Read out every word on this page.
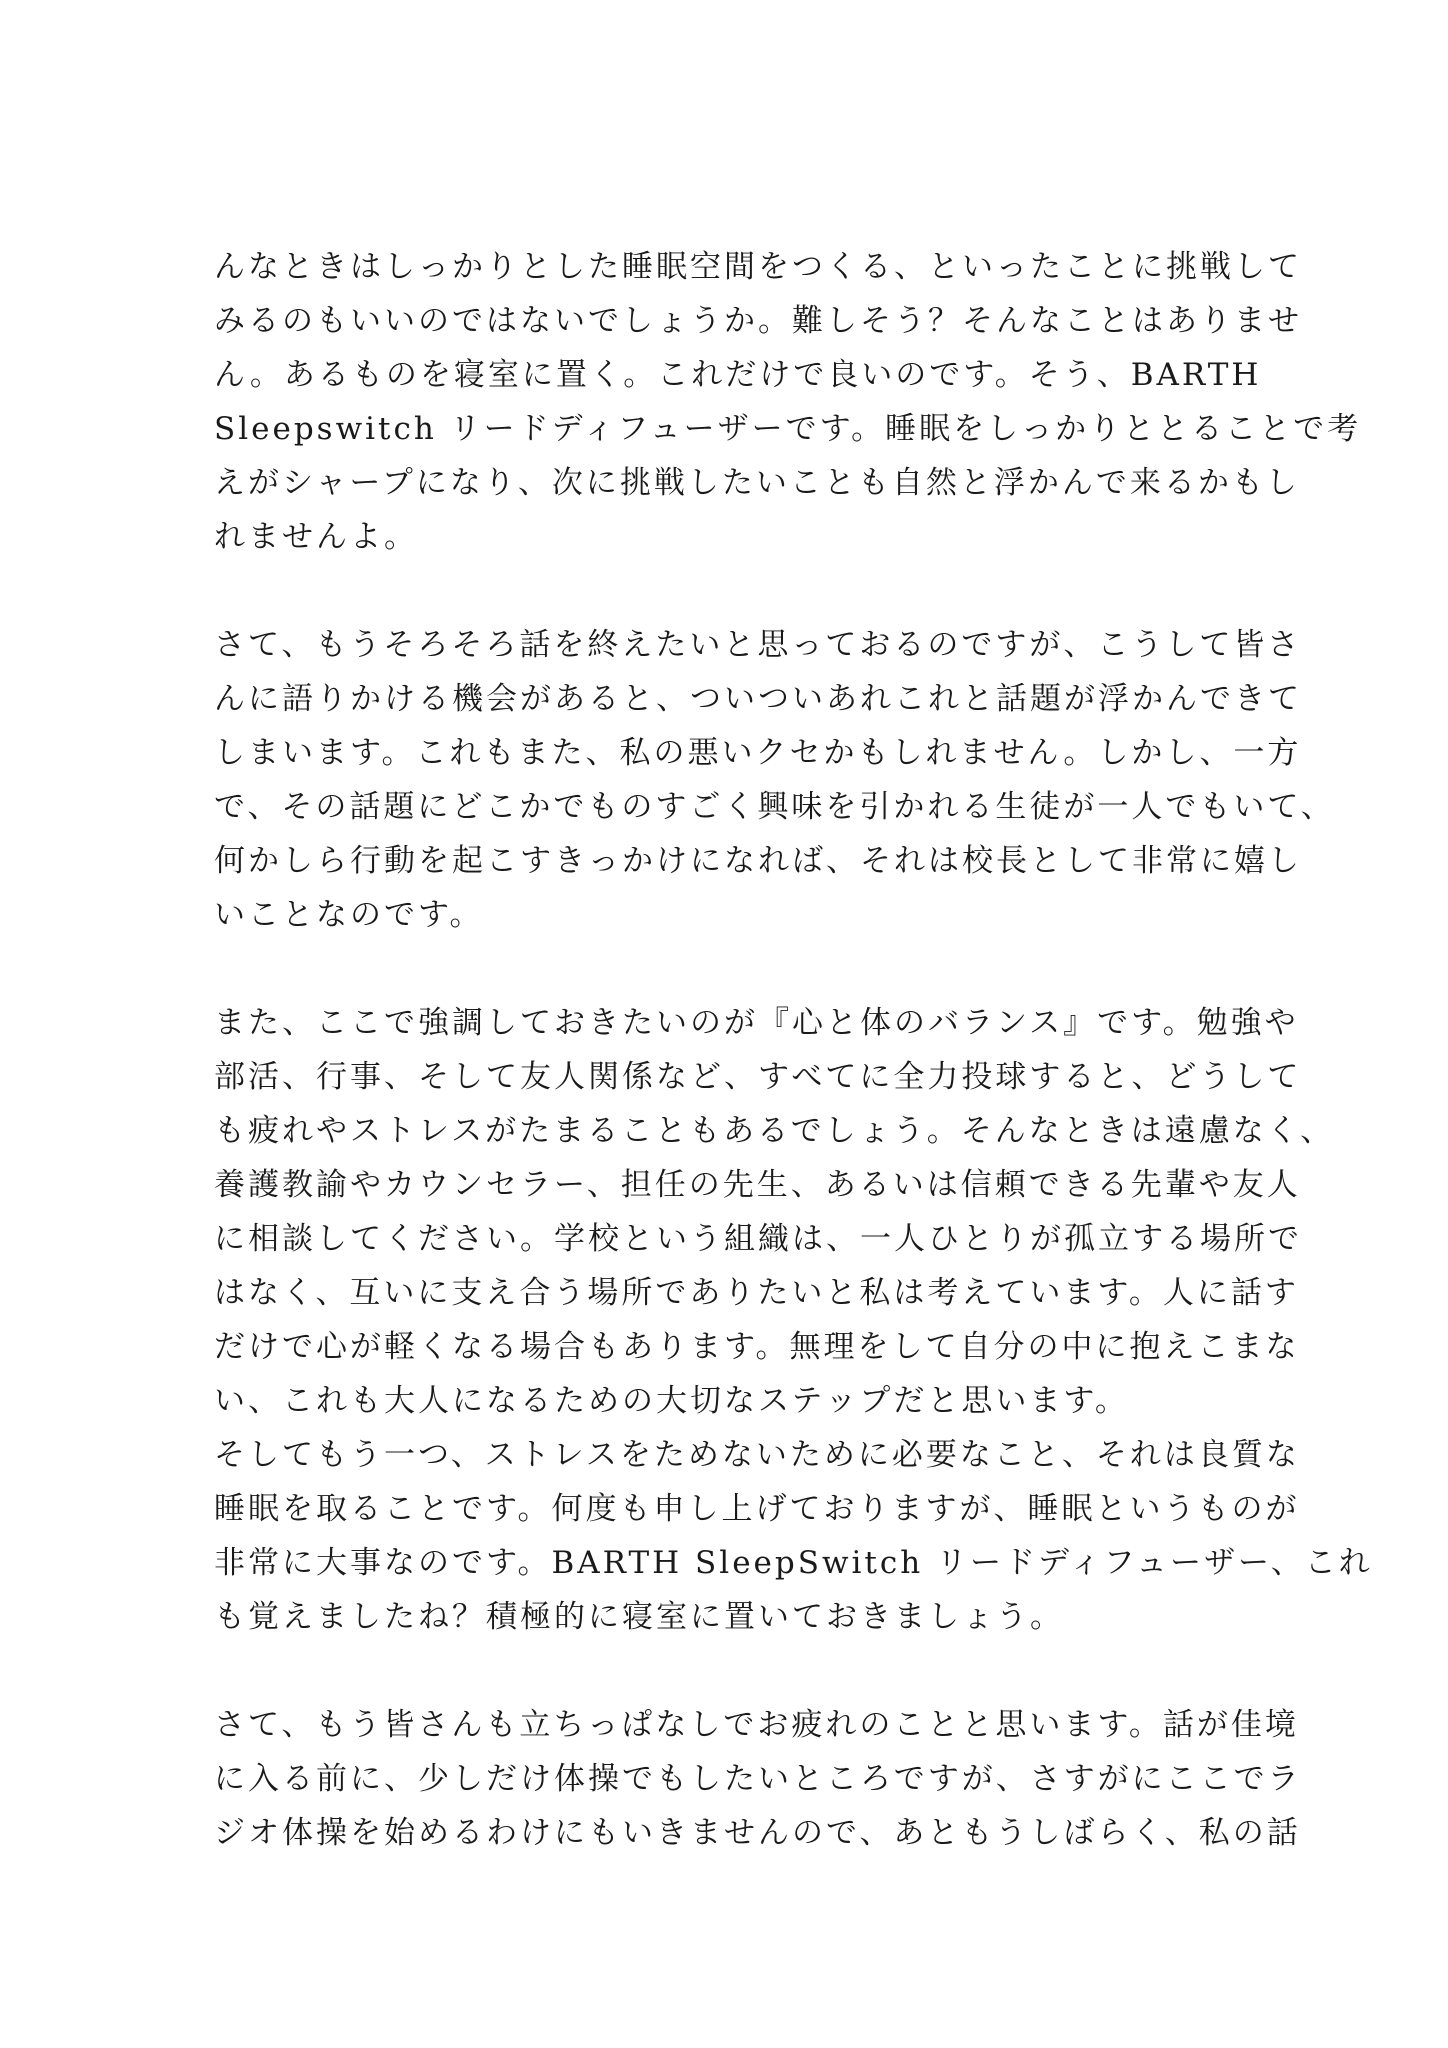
んなときはしっかりとした睡眠空間をつくる、といったことに挑戦して
みるのもいいのではないでしょうか。難しそう？そんなことはありませ
ん。あるものを寝室に置く。これだけで良いのです。そう、BARTH
Sleepswitch リードディフューザーです。睡眠をしっかりととることで考
えがシャープになり、次に挑戦したいことも自然と浮かんで来るかもし
れませんよ。
さて、もうそろそろ話を終えたいと思っておるのですが、こうして皆さ
んに語りかける機会があると、ついついあれこれと話題が浮かんできて
しまいます。これもまた、私の悪いクセかもしれません。しかし、一方
で、その話題にどこかでものすごく興味を引かれる生徒が一人でもいて、
何かしら行動を起こすきっかけになれば、それは校長として非常に嬉し
いことなのです。
また、ここで強調しておきたいのが『心と体のバランス』です。勉強や
部活、行事、そして友人関係など、すべてに全力投球すると、どうして
も疲れやストレスがたまることもあるでしょう。そんなときは遠慮なく、
養護教諭やカウンセラー、担任の先生、あるいは信頼できる先輩や友人
に相談してください。学校という組織は、一人ひとりが孤立する場所で
はなく、互いに支え合う場所でありたいと私は考えています。人に話す
だけで心が軽くなる場合もあります。無理をして自分の中に抱えこまな
い、これも大人になるための大切なステップだと思います。
そしてもう一つ、ストレスをためないために必要なこと、それは良質な
睡眠を取ることです。何度も申し上げておりますが、睡眠というものが
非常に大事なのです。BARTH SleepSwitch リードディフューザー、これ
も覚えましたね？積極的に寝室に置いておきましょう。
さて、もう皆さんも立ちっぱなしでお疲れのことと思います。話が佳境
に入る前に、少しだけ体操でもしたいところですが、さすがにここでラ
ジオ体操を始めるわけにもいきませんので、あともうしばらく、私の話
